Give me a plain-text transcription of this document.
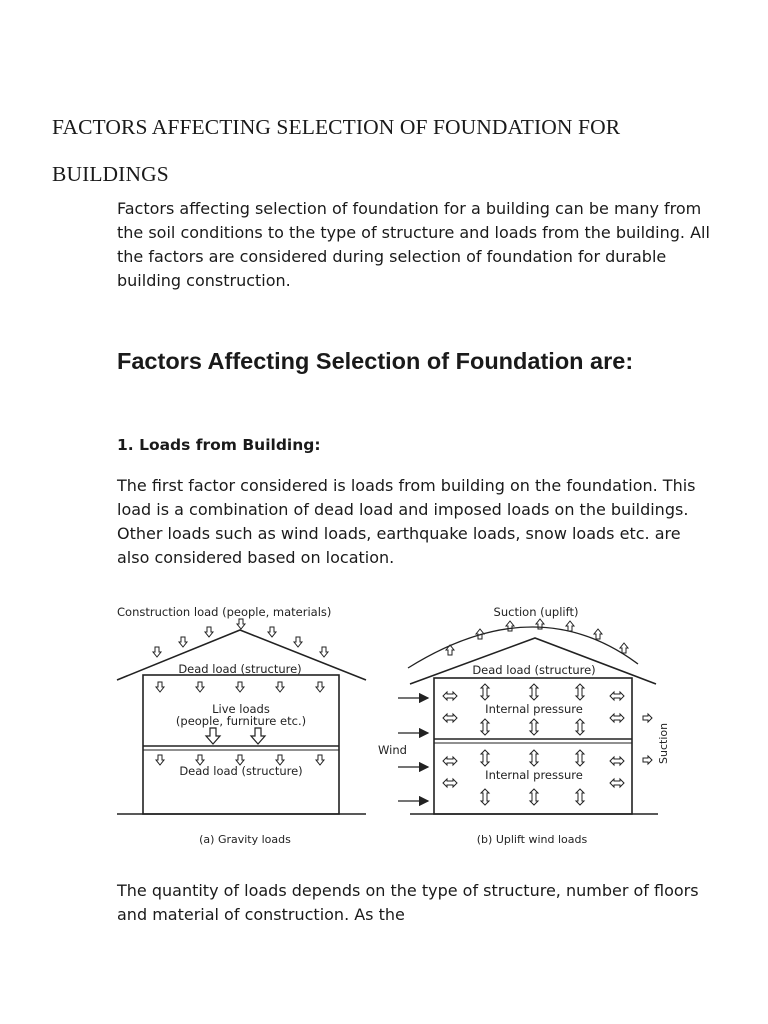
FACTORS AFFECTING SELECTION OF FOUNDATION FOR BUILDINGS

Factors affecting selection of foundation for a building can be many from the soil conditions to the type of structure and loads from the building. All the factors are considered during selection of foundation for durable building construction.

Factors Affecting Selection of Foundation are:
1. Loads from Building:

The first factor considered is loads from building on the foundation. This load is a combination of dead load and imposed loads on the buildings. Other loads such as wind loads, earthquake loads, snow loads etc. are also considered based on location.

Construction load (people, materials)
Dead load (structure)
Live loads
(people, furniture etc.)
Dead load (structure)
(a) Gravity loads
Suction (uplift)
Dead load (structure)
Internal pressure
Internal pressure
Wind	Suction
(b) Uplift wind loads

The quantity of loads depends on the type of structure, number of floors and material of construction. As the
